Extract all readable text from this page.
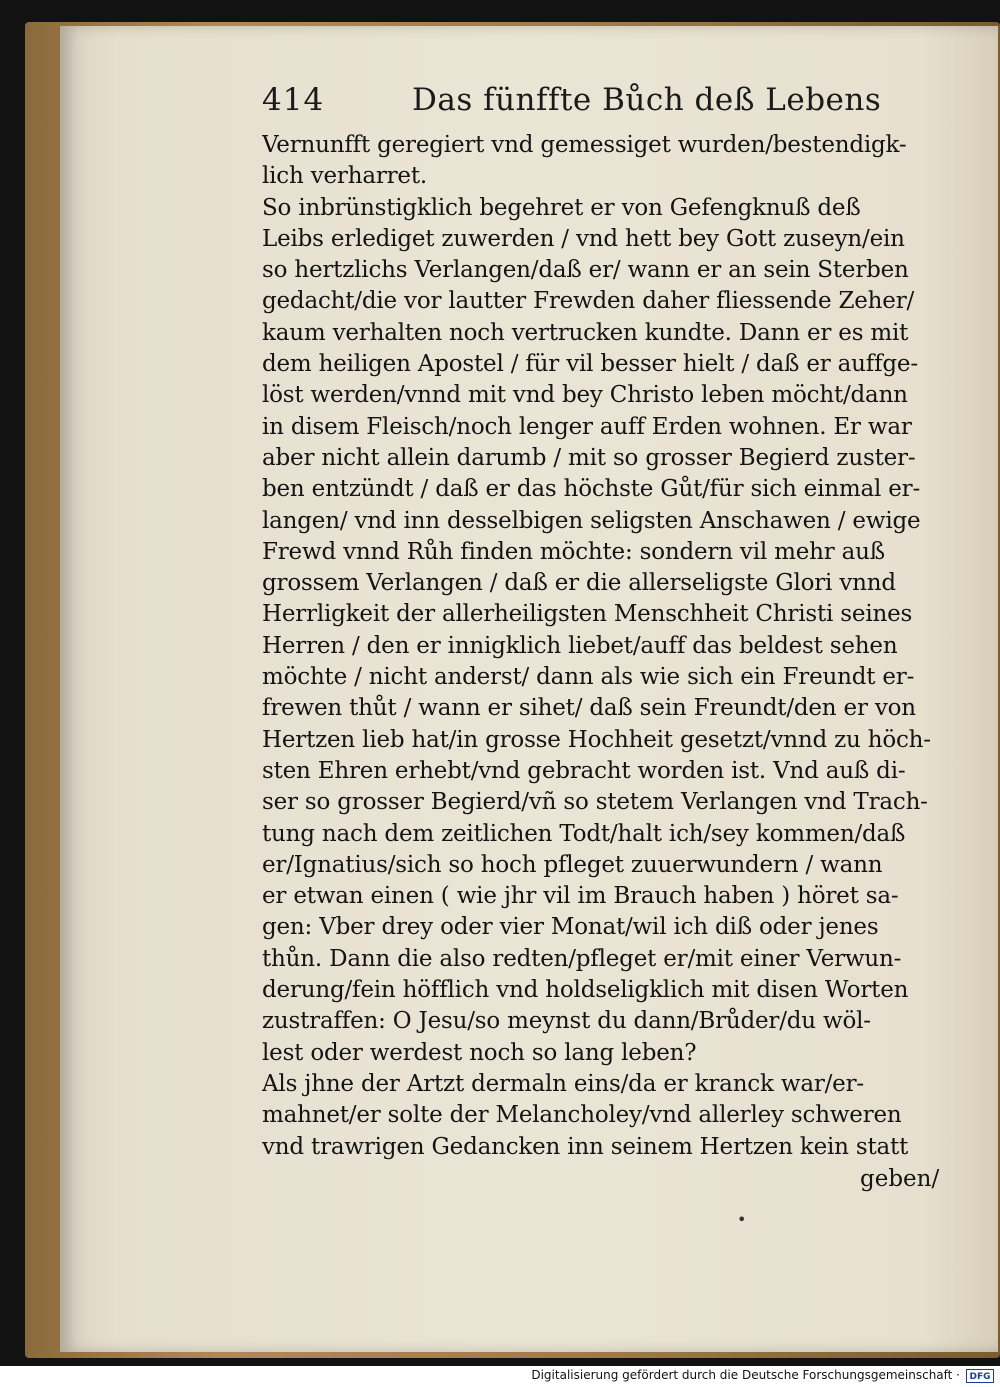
414	Das fünffte Bůch deß Lebens
Vernunfft geregiert vnd gemessiget wurden/bestendigk-
lich verharret.
So inbrünstigklich begehret er von Gefengknuß deß
Leibs erlediget zuwerden / vnd hett bey Gott zuseyn/ein
so hertzlichs Verlangen/daß er/ wann er an sein Sterben
gedacht/die vor lautter Frewden daher fliessende Zeher/
kaum verhalten noch vertrucken kundte. Dann er es mit
dem heiligen Apostel / für vil besser hielt / daß er auffge-
löst werden/vnnd mit vnd bey Christo leben möcht/dann
in disem Fleisch/noch lenger auff Erden wohnen. Er war
aber nicht allein darumb / mit so grosser Begierd zuster-
ben entzündt / daß er das höchste Gůt/für sich einmal er-
langen/ vnd inn desselbigen seligsten Anschawen / ewige
Frewd vnnd Růh finden möchte: sondern vil mehr auß
grossem Verlangen / daß er die allerseligste Glori vnnd
Herrligkeit der allerheiligsten Menschheit Christi seines
Herren / den er innigklich liebet/auff das beldest sehen
möchte / nicht anderst/ dann als wie sich ein Freundt er-
frewen thůt / wann er sihet/ daß sein Freundt/den er von
Hertzen lieb hat/in grosse Hochheit gesetzt/vnnd zu höch-
sten Ehren erhebt/vnd gebracht worden ist. Vnd auß di-
ser so grosser Begierd/vñ so stetem Verlangen vnd Trach-
tung nach dem zeitlichen Todt/halt ich/sey kommen/daß
er/Ignatius/sich so hoch pfleget zuuerwundern / wann
er etwan einen ( wie jhr vil im Brauch haben ) höret sa-
gen: Vber drey oder vier Monat/wil ich diß oder jenes
thůn. Dann die also redten/pfleget er/mit einer Verwun-
derung/fein höfflich vnd holdseligklich mit disen Worten
zustraffen: O Jesu/so meynst du dann/Brůder/du wöl-
lest oder werdest noch so lang leben?
Als jhne der Artzt dermaln eins/da er kranck war/er-
mahnet/er solte der Melancholey/vnd allerley schweren
vnd trawrigen Gedancken inn seinem Hertzen kein statt
geben/
•
Digitalisierung gefördert durch die Deutsche Forschungsgemeinschaft ·	DFG
